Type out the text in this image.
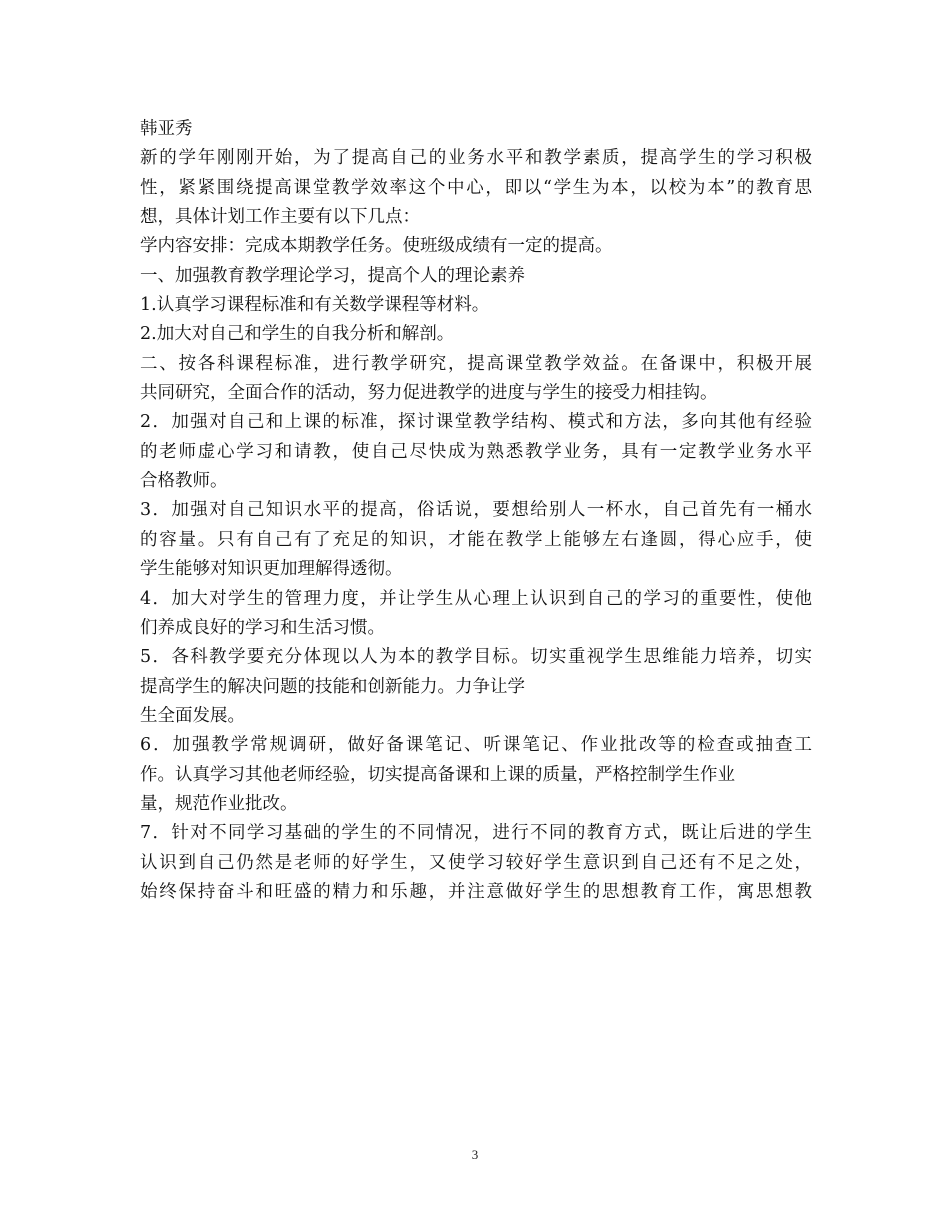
韩亚秀
新的学年刚刚开始，为了提高自己的业务水平和教学素质，提高学生的学习积极
性，紧紧围绕提高课堂教学效率这个中心，即以“学生为本，以校为本”的教育思
想，具体计划工作主要有以下几点：
学内容安排：完成本期教学任务。使班级成绩有一定的提高。
一、加强教育教学理论学习，提高个人的理论素养
1.认真学习课程标准和有关数学课程等材料。
2.加大对自己和学生的自我分析和解剖。
二、按各科课程标准，进行教学研究，提高课堂教学效益。在备课中，积极开展
共同研究，全面合作的活动，努力促进教学的进度与学生的接受力相挂钩。
2．加强对自己和上课的标准，探讨课堂教学结构、模式和方法，多向其他有经验
的老师虚心学习和请教，使自己尽快成为熟悉教学业务，具有一定教学业务水平
合格教师。
3．加强对自己知识水平的提高，俗话说，要想给别人一杯水，自己首先有一桶水
的容量。只有自己有了充足的知识，才能在教学上能够左右逢圆，得心应手，使
学生能够对知识更加理解得透彻。
4．加大对学生的管理力度，并让学生从心理上认识到自己的学习的重要性，使他
们养成良好的学习和生活习惯。
5．各科教学要充分体现以人为本的教学目标。切实重视学生思维能力培养，切实
提高学生的解决问题的技能和创新能力。力争让学
生全面发展。
6．加强教学常规调研，做好备课笔记、听课笔记、作业批改等的检查或抽查工
作。认真学习其他老师经验，切实提高备课和上课的质量，严格控制学生作业
量，规范作业批改。
7．针对不同学习基础的学生的不同情况，进行不同的教育方式，既让后进的学生
认识到自己仍然是老师的好学生，又使学习较好学生意识到自己还有不足之处，
始终保持奋斗和旺盛的精力和乐趣，并注意做好学生的思想教育工作，寓思想教
3
